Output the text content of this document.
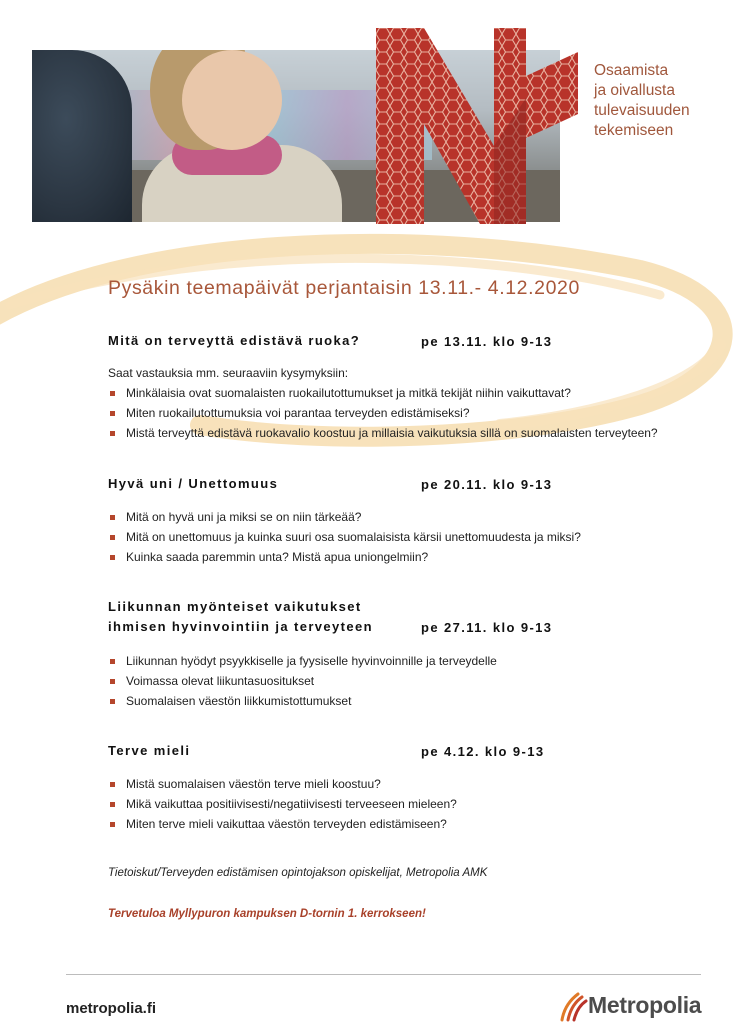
Osaamista
ja oivallusta
tulevaisuuden
tekemiseen
Pysäkin teemapäivät perjantaisin 13.11.- 4.12.2020
Mitä on terveyttä edistävä ruoka?	pe 13.11. klo 9-13
Saat vastauksia mm. seuraaviin kysymyksiin:
Minkälaisia ovat suomalaisten ruokailutottumukset ja mitkä tekijät niihin vaikuttavat?
Miten ruokailutottumuksia voi parantaa terveyden edistämiseksi?
Mistä terveyttä edistävä ruokavalio koostuu ja millaisia vaikutuksia sillä on suomalaisten terveyteen?
Hyvä uni / Unettomuus	pe 20.11. klo 9-13
Mitä on hyvä uni ja miksi se on niin tärkeää?
Mitä on unettomuus ja kuinka suuri osa suomalaisista kärsii unettomuudesta ja miksi?
Kuinka saada paremmin unta? Mistä apua uniongelmiin?
Liikunnan myönteiset vaikutukset
ihmisen hyvinvointiin ja terveyteen	pe 27.11. klo 9-13
Liikunnan hyödyt psyykkiselle ja fyysiselle hyvinvoinnille ja terveydelle
Voimassa olevat liikuntasuositukset
Suomalaisen väestön liikkumistottumukset
Terve mieli	pe 4.12. klo 9-13
Mistä suomalaisen väestön terve mieli koostuu?
Mikä vaikuttaa positiivisesti/negatiivisesti terveeseen mieleen?
Miten terve mieli vaikuttaa väestön terveyden edistämiseen?
Tietoiskut/Terveyden edistämisen opintojakson opiskelijat, Metropolia AMK
Tervetuloa Myllypuron kampuksen D-tornin 1. kerrokseen!
metropolia.fi	Metropolia
